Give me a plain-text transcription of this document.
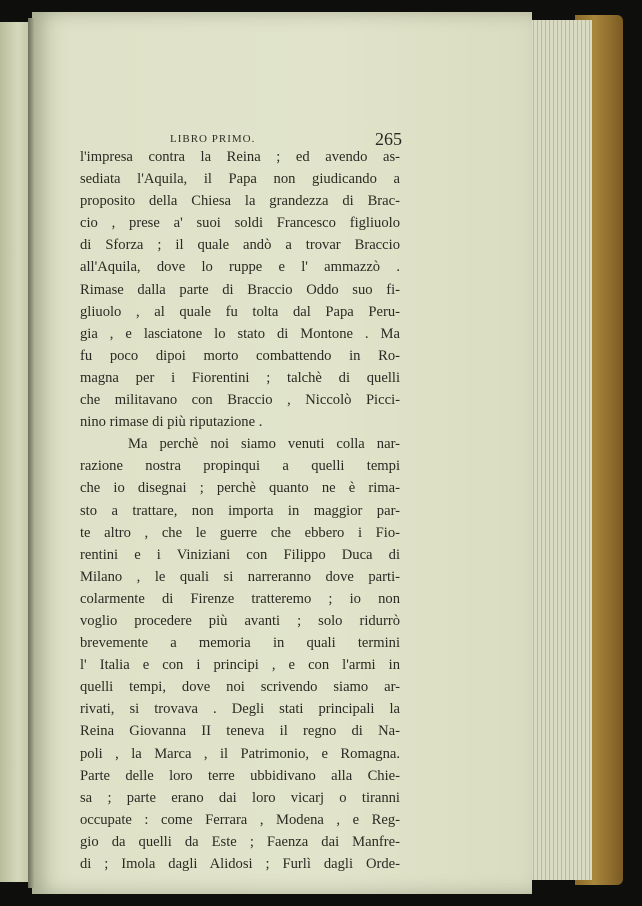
LIBRO PRIMO.	265
l'impresa contra la Reina ; ed avendo as-
sediata l'Aquila, il Papa non giudicando a
proposito della Chiesa la grandezza di Brac-
cio , prese a' suoi soldi Francesco figliuolo
di Sforza ; il quale andò a trovar Braccio
all'Aquila, dove lo ruppe e l' ammazzò .
Rimase dalla parte di Braccio Oddo suo fi-
gliuolo , al quale fu tolta dal Papa Peru-
gia , e lasciatone lo stato di Montone . Ma
fu poco dipoi morto combattendo in Ro-
magna per i Fiorentini ; talchè di quelli
che militavano con Braccio , Niccolò Picci-
nino rimase di più riputazione .
Ma perchè noi siamo venuti colla nar-
razione nostra propinqui a quelli tempi
che io disegnai ; perchè quanto ne è rima-
sto a trattare, non importa in maggior par-
te altro , che le guerre che ebbero i Fio-
rentini e i Viniziani con Filippo Duca di
Milano , le quali si narreranno dove parti-
colarmente di Firenze tratteremo ; io non
voglio procedere più avanti ; solo ridurrò
brevemente a memoria in quali termini
l' Italia e con i principi , e con l'armi in
quelli tempi, dove noi scrivendo siamo ar-
rivati, si trovava . Degli stati principali la
Reina Giovanna II teneva il regno di Na-
poli , la Marca , il Patrimonio, e Romagna.
Parte delle loro terre ubbidivano alla Chie-
sa ; parte erano dai loro vicarj o tiranni
occupate : come Ferrara , Modena , e Reg-
gio da quelli da Este ; Faenza dai Manfre-
di ; Imola dagli Alidosi ; Furlì dagli Orde-
